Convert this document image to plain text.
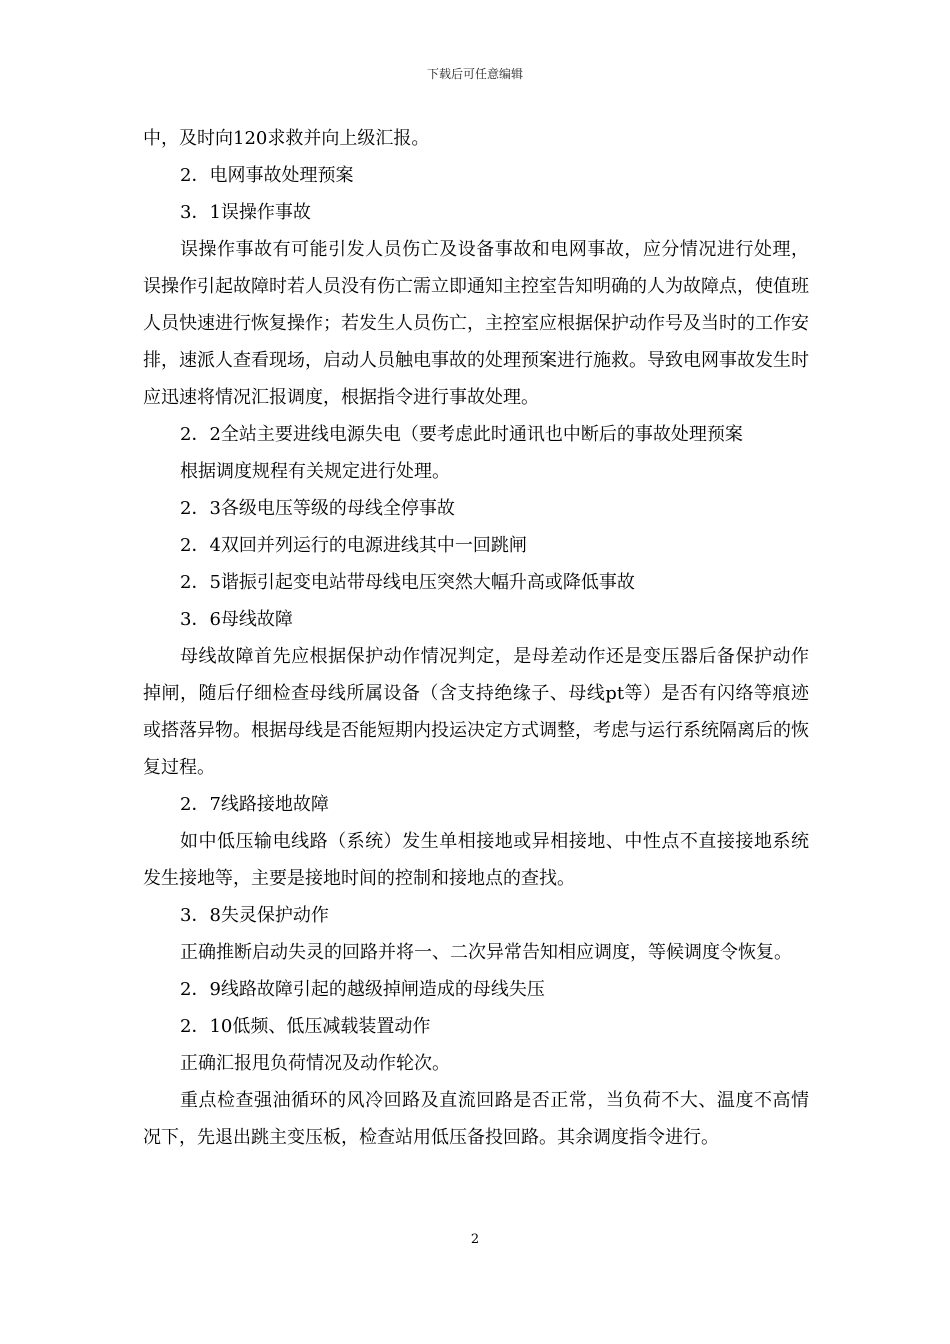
下载后可任意编辑

中，及时向120求救并向上级汇报。

2．电网事故处理预案

3．1误操作事故

误操作事故有可能引发人员伤亡及设备事故和电网事故，应分情况进行处理，误操作引起故障时若人员没有伤亡需立即通知主控室告知明确的人为故障点，使值班人员快速进行恢复操作；若发生人员伤亡，主控室应根据保护动作号及当时的工作安排，速派人查看现场，启动人员触电事故的处理预案进行施救。导致电网事故发生时应迅速将情况汇报调度，根据指令进行事故处理。

2．2全站主要进线电源失电（要考虑此时通讯也中断后的事故处理预案

根据调度规程有关规定进行处理。

2．3各级电压等级的母线全停事故

2．4双回并列运行的电源进线其中一回跳闸

2．5谐振引起变电站带母线电压突然大幅升高或降低事故

3．6母线故障

母线故障首先应根据保护动作情况判定，是母差动作还是变压器后备保护动作掉闸，随后仔细检查母线所属设备（含支持绝缘子、母线pt等）是否有闪络等痕迹或搭落异物。根据母线是否能短期内投运决定方式调整，考虑与运行系统隔离后的恢复过程。

2．7线路接地故障

如中低压输电线路（系统）发生单相接地或异相接地、中性点不直接接地系统发生接地等，主要是接地时间的控制和接地点的查找。

3．8失灵保护动作

正确推断启动失灵的回路并将一、二次异常告知相应调度，等候调度令恢复。

2．9线路故障引起的越级掉闸造成的母线失压

2．10低频、低压减载装置动作

正确汇报甩负荷情况及动作轮次。

重点检查强油循环的风冷回路及直流回路是否正常，当负荷不大、温度不高情况下，先退出跳主变压板，检查站用低压备投回路。其余调度指令进行。

2
